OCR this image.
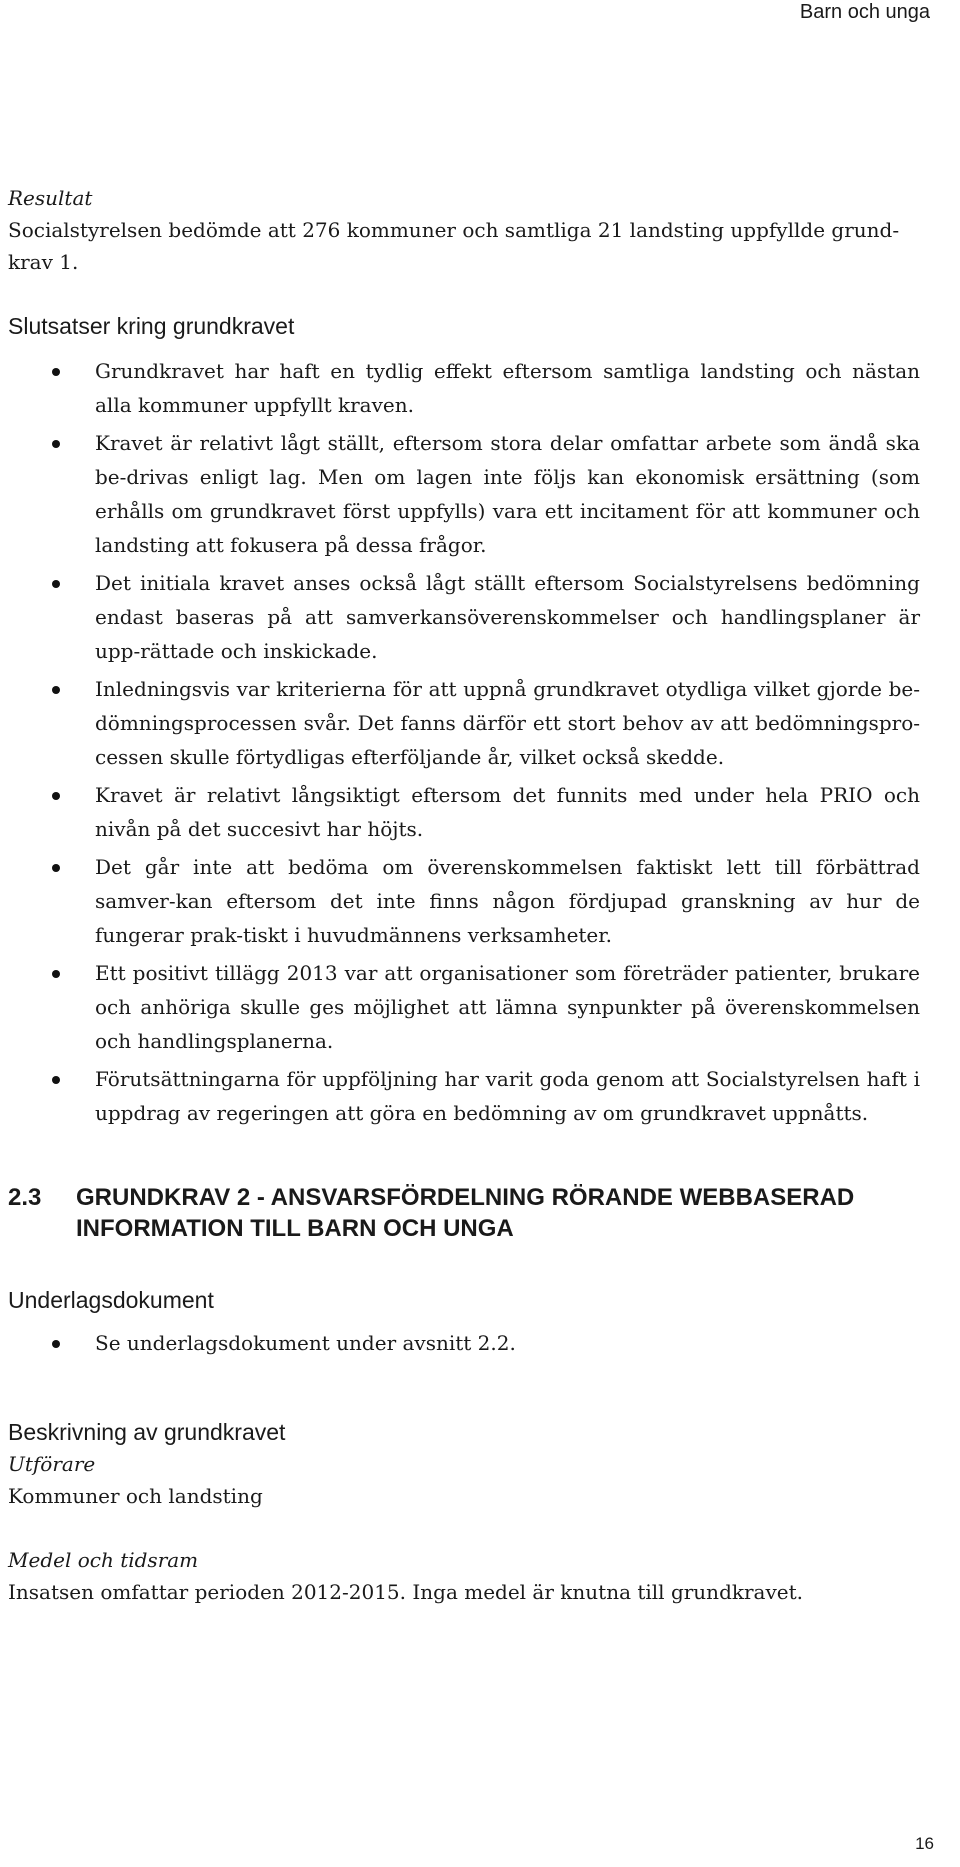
Barn och unga

Resultat

Socialstyrelsen bedömde att 276 kommuner och samtliga 21 landsting uppfyllde grund-krav 1.

Slutsatser kring grundkravet
Grundkravet har haft en tydlig effekt eftersom samtliga landsting och nästan alla kommuner uppfyllt kraven.
Kravet är relativt lågt ställt, eftersom stora delar omfattar arbete som ändå ska be-drivas enligt lag. Men om lagen inte följs kan ekonomisk ersättning (som erhålls om grundkravet först uppfylls) vara ett incitament för att kommuner och landsting att fokusera på dessa frågor.
Det initiala kravet anses också lågt ställt eftersom Socialstyrelsens bedömning endast baseras på att samverkansöverenskommelser och handlingsplaner är upp-rättade och inskickade.
Inledningsvis var kriterierna för att uppnå grundkravet otydliga vilket gjorde be-dömningsprocessen svår. Det fanns därför ett stort behov av att bedömningspro-cessen skulle förtydligas efterföljande år, vilket också skedde.
Kravet är relativt långsiktigt eftersom det funnits med under hela PRIO och nivån på det succesivt har höjts.
Det går inte att bedöma om överenskommelsen faktiskt lett till förbättrad samver-kan eftersom det inte finns någon fördjupad granskning av hur de fungerar prak-tiskt i huvudmännens verksamheter.
Ett positivt tillägg 2013 var att organisationer som företräder patienter, brukare och anhöriga skulle ges möjlighet att lämna synpunkter på överenskommelsen och handlingsplanerna.
Förutsättningarna för uppföljning har varit goda genom att Socialstyrelsen haft i uppdrag av regeringen att göra en bedömning av om grundkravet uppnåtts.
2.3	GRUNDKRAV 2 - ANSVARSFÖRDELNING RÖRANDE WEBBASERAD INFORMATION TILL BARN OCH UNGA
Underlagsdokument
Se underlagsdokument under avsnitt 2.2.
Beskrivning av grundkravet

Utförare

Kommuner och landsting

Medel och tidsram

Insatsen omfattar perioden 2012-2015. Inga medel är knutna till grundkravet.

16
